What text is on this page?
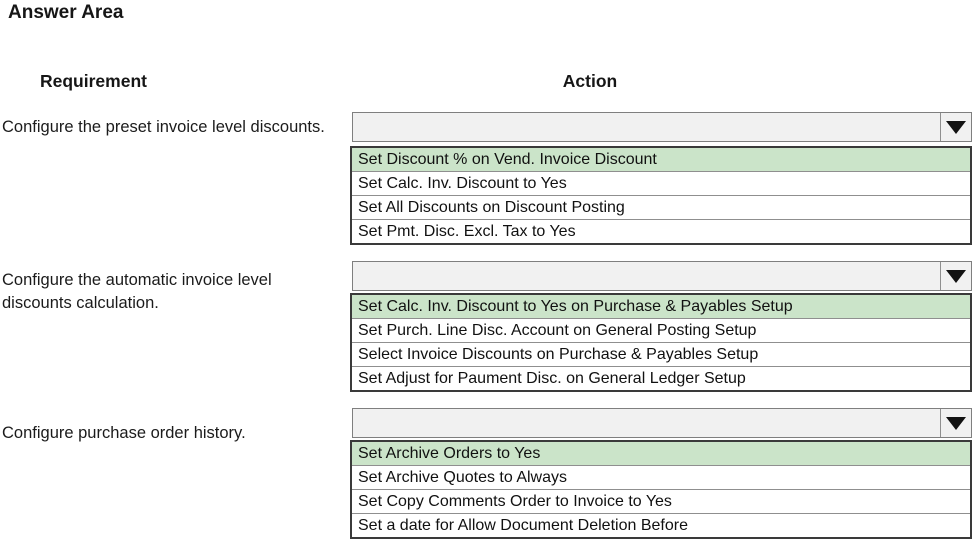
Answer Area
Requirement	Action
Configure the preset invoice level discounts.
Set Discount % on Vend. Invoice Discount
Set Calc. Inv. Discount to Yes
Set All Discounts on Discount Posting
Set Pmt. Disc. Excl. Tax to Yes
Configure the automatic invoice level discounts calculation.	Set Calc. Inv. Discount to Yes on Purchase & Payables Setup
Set Purch. Line Disc. Account on General Posting Setup
Select Invoice Discounts on Purchase & Payables Setup
Set Adjust for Paument Disc. on General Ledger Setup
Configure purchase order history.
Set Archive Orders to Yes
Set Archive Quotes to Always
Set Copy Comments Order to Invoice to Yes
Set a date for Allow Document Deletion Before
